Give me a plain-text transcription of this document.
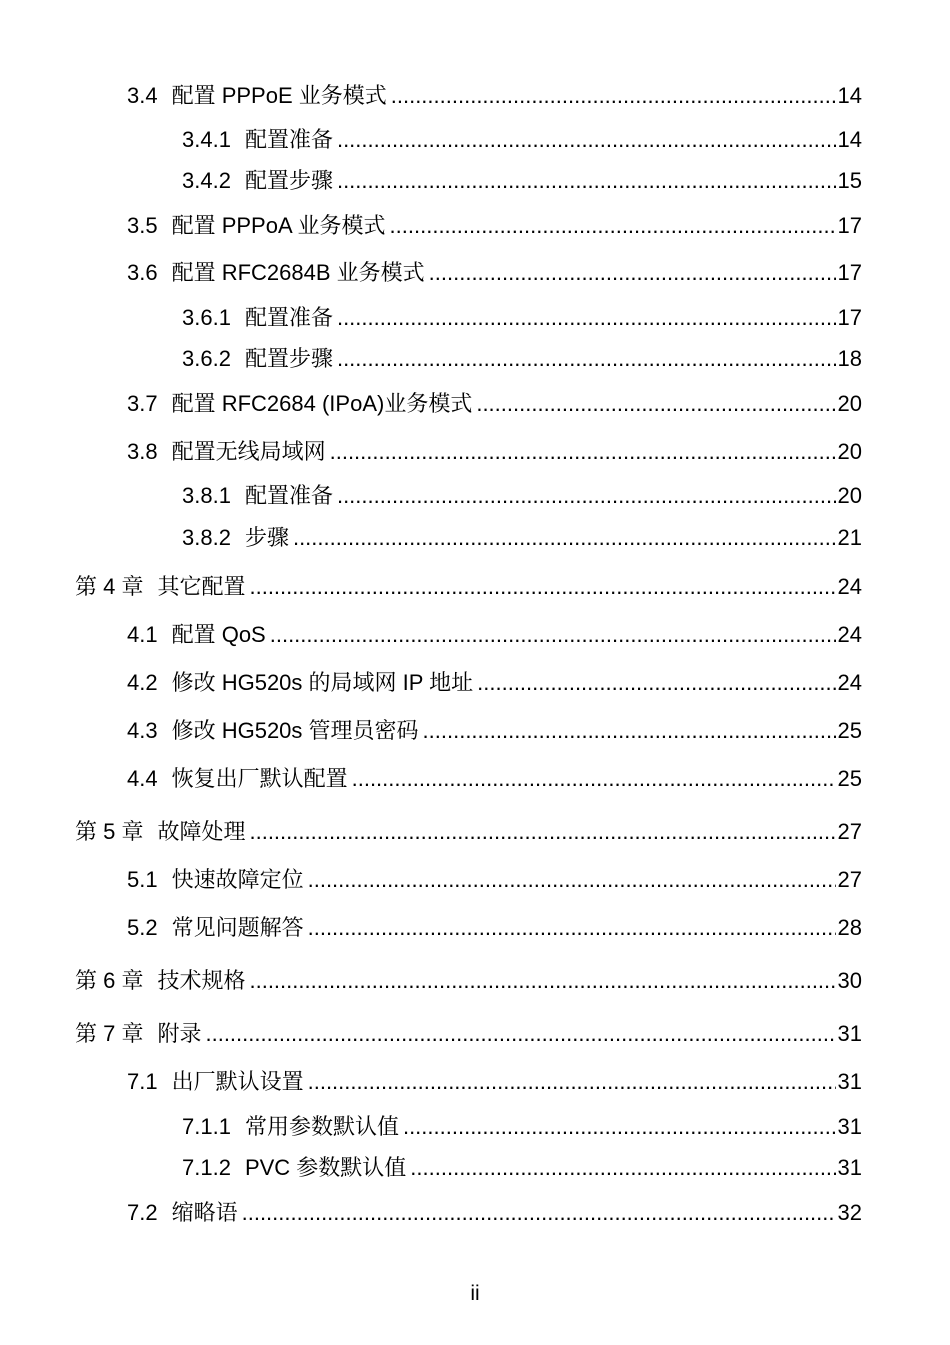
3.4 配置 PPPoE 业务模式 .....	14
3.4.1 配置准备 .....	14
3.4.2 配置步骤 .....	15
3.5 配置 PPPoA 业务模式 .....	17
3.6 配置 RFC2684B 业务模式 .....	17
3.6.1 配置准备 .....	17
3.6.2 配置步骤 .....	18
3.7 配置 RFC2684 (IPoA)业务模式 .....	20
3.8 配置无线局域网 .....	20
3.8.1 配置准备 .....	20
3.8.2 步骤 .....	21
第 4 章 其它配置 .....	24
4.1 配置 QoS .....	24
4.2 修改 HG520s 的局域网 IP 地址 .....	24
4.3 修改 HG520s 管理员密码 .....	25
4.4 恢复出厂默认配置 .....	25
第 5 章 故障处理 .....	27
5.1 快速故障定位 .....	27
5.2 常见问题解答 .....	28
第 6 章 技术规格 .....	30
第 7 章 附录 .....	31
7.1 出厂默认设置 .....	31
7.1.1 常用参数默认值 .....	31
7.1.2 PVC 参数默认值 .....	31
7.2 缩略语 .....	32
ii
